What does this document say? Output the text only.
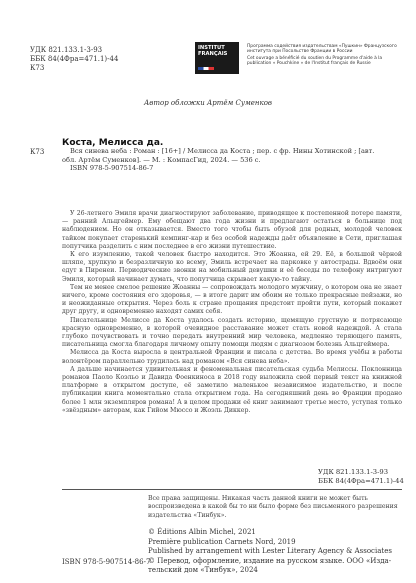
УДК 821.133.1-3-93
ББК 84(4Фра=471.1)-44
К73
INSTITUT
FRANÇAIS
Программа содействия издательствам «Пушкин» Французского института при Посольстве Франции в России
Cet ouvrage a bénéficié du soutien du Programme d'aide à la publication « Pouchkine » de l'Institut français de Russie
Автор обложки Артём Суменков
К73
Коста, Мелисса да.
Вся синева неба : Роман : [16+] / Мелисса да Коста ; пер. с фр. Нины Хотинской ; [авт.
обл. Артём Суменков]. — М. : КомпасГид, 2024. — 536 с.
ISBN 978-5-907514-86-7

У 26-летнего Эмиля врачи диагностируют заболевание, приводящее к постепенной потере памяти, — ранний Альцгеймер. Ему обещают два года жизни и предлагают остаться в больнице под наблюдением. Но он отказывается. Вместо того чтобы быть обузой для родных, молодой человек тайком покупает старенький кемпинг-кар и без особой надежды даёт объявление в Сети, приглашая попутчика разделить с ним последнее в его жизни путешествие.

К его изумлению, такой человек быстро находится. Это Жоанна, ей 29. Её, в большой чёрной шляпе, хрупкую и безразличную ко всему, Эмиль встречает на парковке у автострады. Вдвоём они едут в Пиренеи. Периодические звонки на мобильный девушки и её беседы по телефону интригуют Эмиля, который начинает думать, что попутчица скрывает какую-то тайну.

Тем не менее смелое решение Жоанны — сопровождать молодого мужчину, о котором она не знает ничего, кроме состояния его здоровья, — в итоге дарит им обоим не только прекрасные пейзажи, но и неожиданные открытия. Через боль к стране прощания предстоит пройти пути, который покажет друг другу, и одновременно находят самих себя.

Писательнице Мелиссе да Коста удалось создать историю, щемящую грустную и потрясающе красную одновременно, в которой очевидное расставание может стать новой надеждой. А стала глубоко почувствовать и точно передать внутренний мир человека, медленно теряющего память, писательница смогла благодаря личному опыту помощи людям с диагнозом болезнь Альцгеймера.

Мелисса да Коста выросла в центральной Франции и писала с детства. Во время учёбы в работы волонтёром параллельно трудилась над романом «Вся синева неба».

А дальше начинается удивительная и феноменальная писательская судьба Мелиссы. Поклонница романов Паоло Коэльо и Давида Фоенкиноса в 2018 году выложила свой первый текст на книжной платформе в открытом доступе, её заметило маленькое независимое издательство, и после публикации книга моментально стала открытием года. На сегодняшний день во Франции продано более 1 млн экземпляров романа! А в целом продажи её книг занимают третье место, уступая только «звёздным» авторам, как Гийом Мюссо и Жоэль Диккер.

УДК 821.133.1-3-93
ББК 84(4Фра=471.1)-44
Все права защищены. Никакая часть данной книги не может быть воспроизведена в какой бы то ни было форме без письменного разрешения издательства «Тинбук».
© Éditions Albin Michel, 2021
Première publication Carnets Nord, 2019
Published by arrangement with Lester Literary Agency & Associates
© Перевод, оформление, издание на русском языке. ООО «Изда-
тельский дом «Тинбук», 2024
ISBN 978-5-907514-86-7
